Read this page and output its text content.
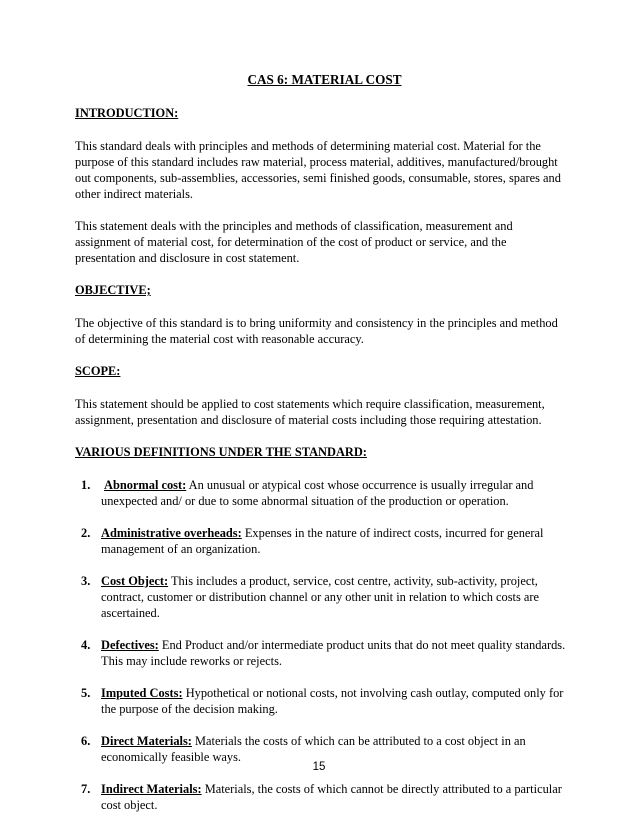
CAS 6: MATERIAL COST
INTRODUCTION:

This standard deals with principles and methods of determining material cost. Material for the purpose of this standard includes raw material, process material, additives, manufactured/brought out components, sub-assemblies, accessories, semi finished goods, consumable, stores, spares and other indirect materials.

This statement deals with the principles and methods of classification, measurement and assignment of material cost, for determination of the cost of product or service, and the presentation and disclosure in cost statement.

OBJECTIVE;

The objective of this standard is to bring uniformity and consistency in the principles and method of determining the material cost with reasonable accuracy.

SCOPE:

This statement should be applied to cost statements which require classification, measurement, assignment, presentation and disclosure of material costs including those requiring attestation.

VARIOUS DEFINITIONS UNDER THE STANDARD:
1. Abnormal cost: An unusual or atypical cost whose occurrence is usually irregular and unexpected and/ or due to some abnormal situation of the production or operation.
2. Administrative overheads: Expenses in the nature of indirect costs, incurred for general management of an organization.
3. Cost Object: This includes a product, service, cost centre, activity, sub-activity, project, contract, customer or distribution channel or any other unit in relation to which costs are ascertained.
4. Defectives: End Product and/or intermediate product units that do not meet quality standards. This may include reworks or rejects.
5. Imputed Costs: Hypothetical or notional costs, not involving cash outlay, computed only for the purpose of the decision making.
6. Direct Materials: Materials the costs of which can be attributed to a cost object in an economically feasible ways.
7. Indirect Materials: Materials, the costs of which cannot be directly attributed to a particular cost object.
15
